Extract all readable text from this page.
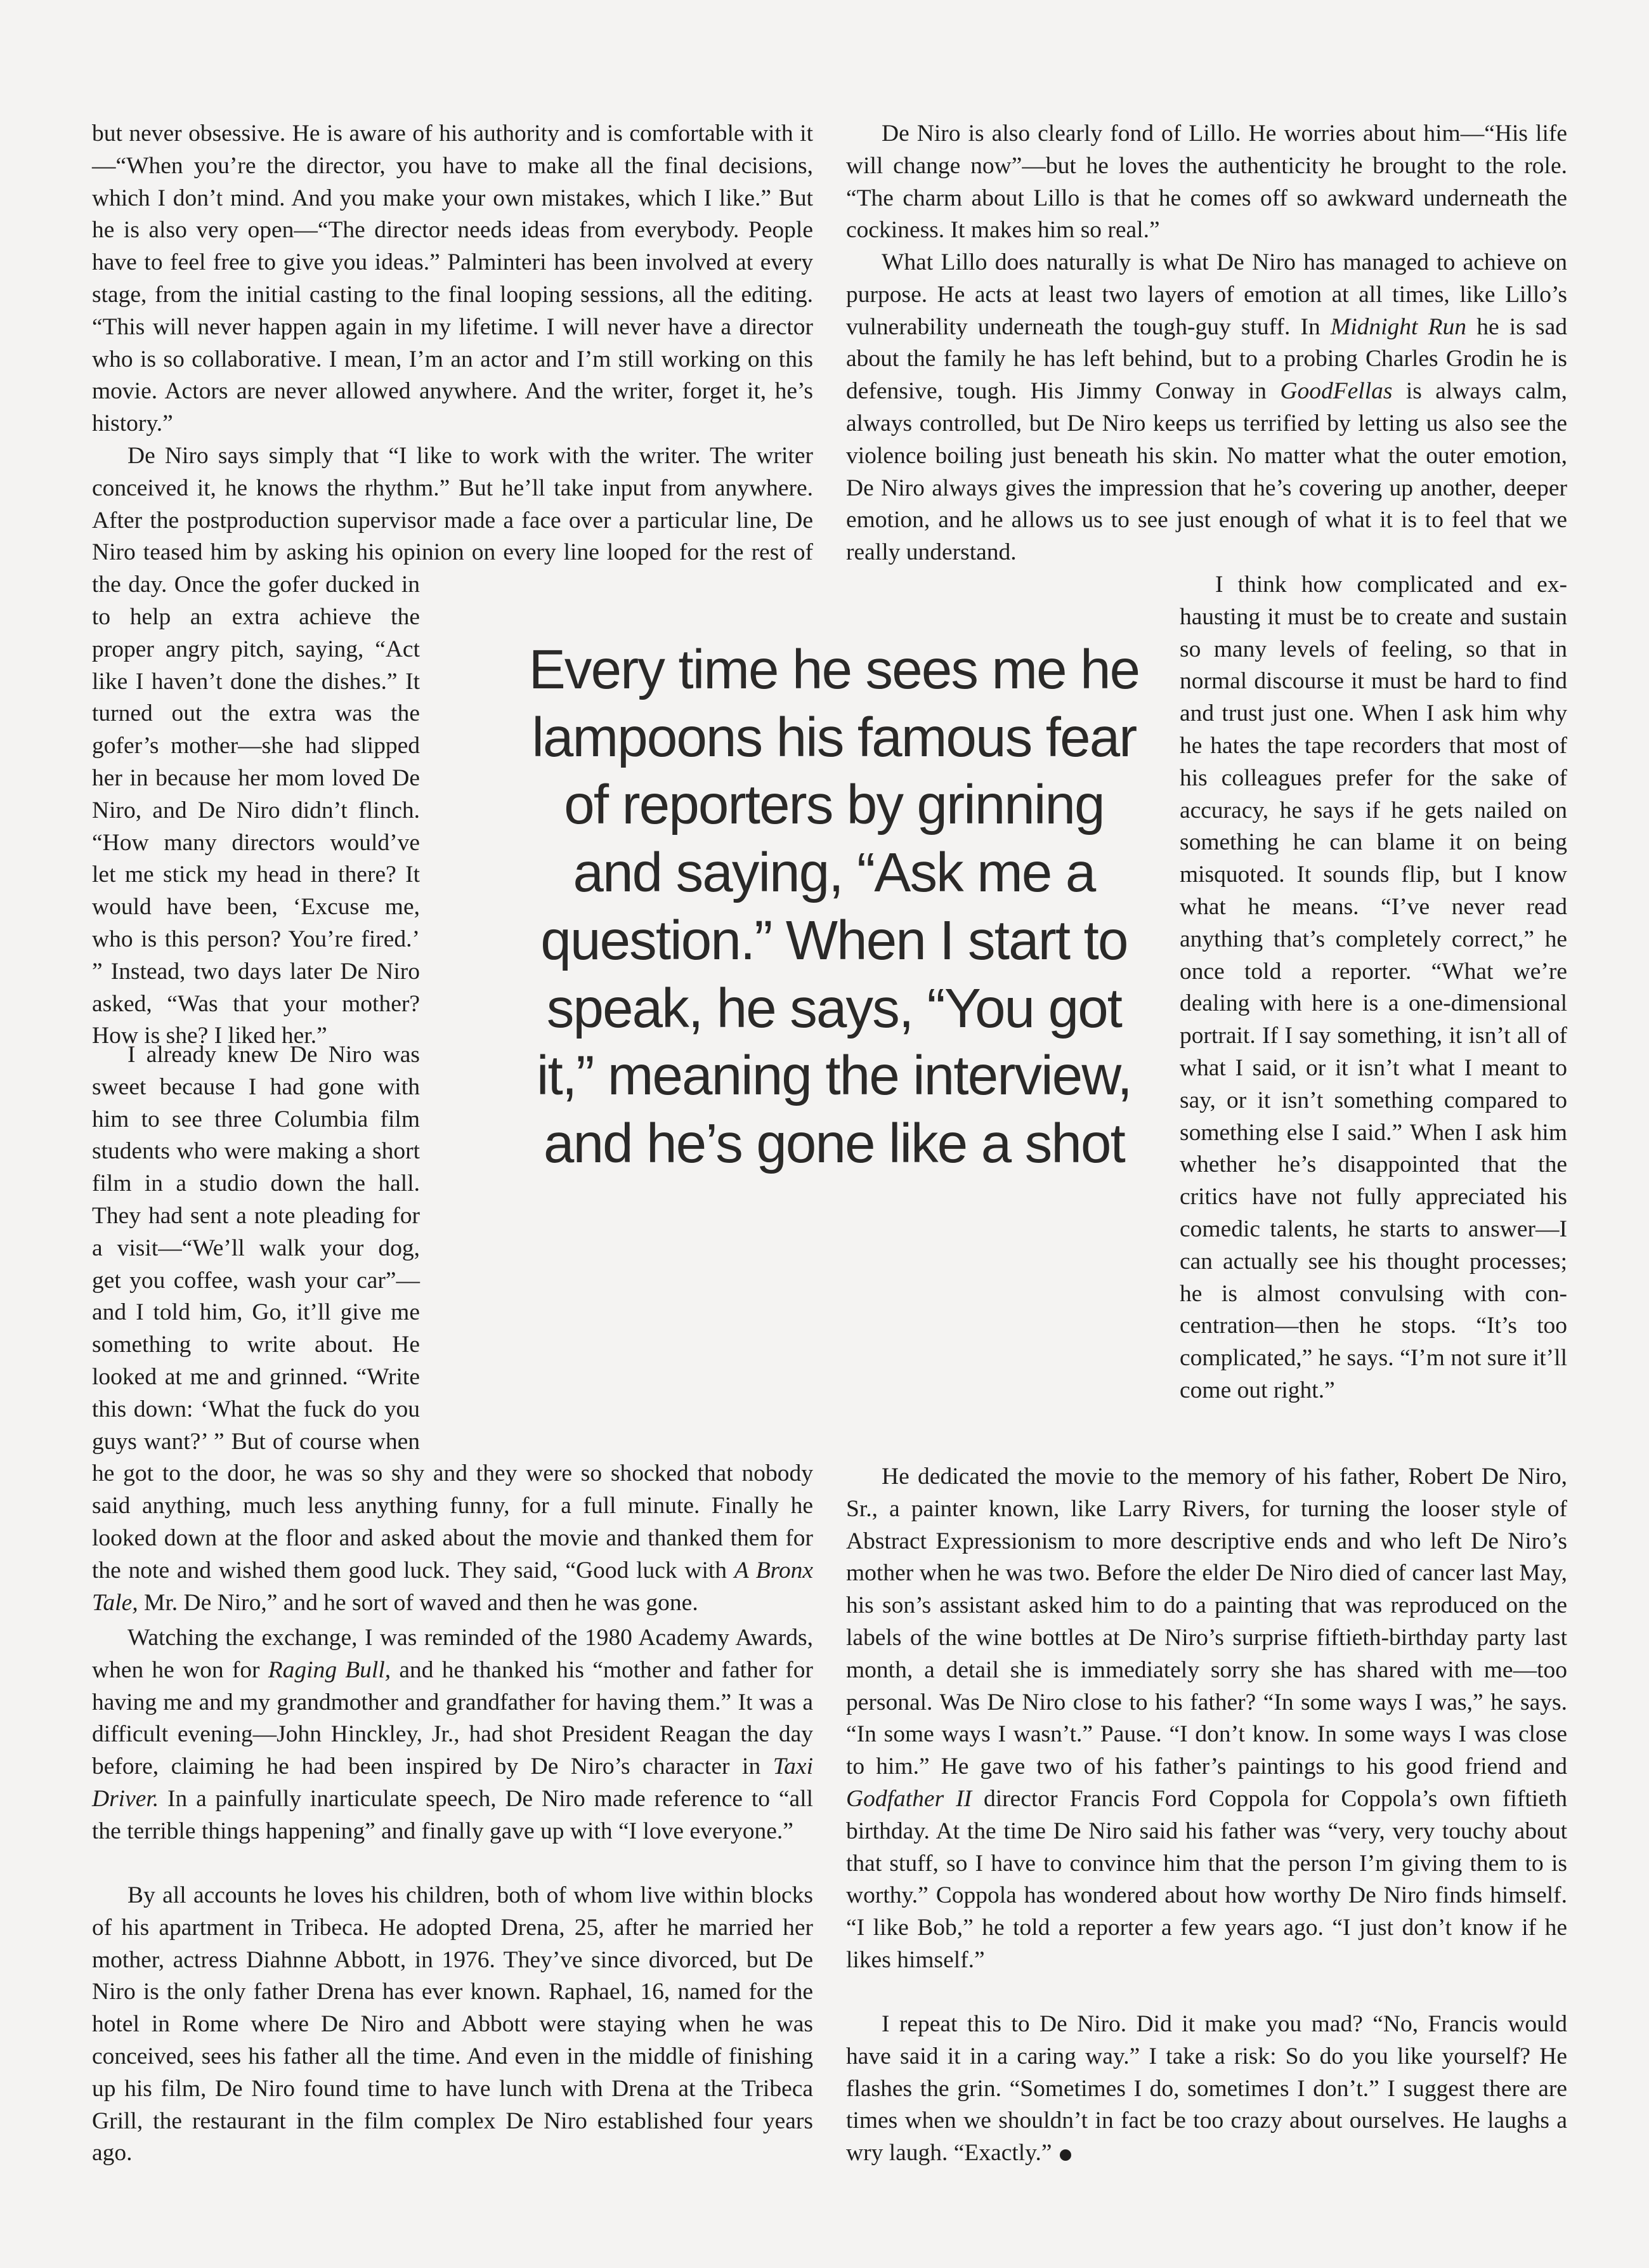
but never obsessive. He is aware of his authority and is comfortable with it—“When you’re the director, you have to make all the final decisions, which I don’t mind. And you make your own mistakes, which I like.” But he is also very open—“The director needs ideas from everybody. People have to feel free to give you ideas.” Palminteri has been involved at every stage, from the initial casting to the final looping sessions, all the editing. “This will never happen again in my lifetime. I will never have a director who is so collaborative. I mean, I’m an actor and I’m still working on this movie. Actors are never allowed anywhere. And the writer, forget it, he’s history.”

De Niro says simply that “I like to work with the writer. The writer conceived it, he knows the rhythm.” But he’ll take input from anywhere. After the postproduction supervisor made a face over a particular line, De Niro teased him by asking his opinion on every line looped for the rest of the day. Once the gofer ducked in to help an extra achieve the proper angry pitch, saying, “Act like I haven’t done the dishes.” It turned out the extra was the gofer’s mother—she had slipped her in because her mom loved De Niro, and De Niro didn’t flinch. “How many directors would’ve let me stick my head in there? It would have been, ‘Excuse me, who is this person? You’re fired.’ ” Instead, two days later De Niro asked, “Was that your mother? How is she? I liked her.”

I already knew De Niro was sweet because I had gone with him to see three Columbia film students who were making a short film in a studio down the hall. They had sent a note pleading for a visit—“We’ll walk your dog, get you coffee, wash your car”—and I told him, Go, it’ll give me something to write about. He looked at me and grinned. “Write this down: ‘What the fuck do you guys want?’ ” But of course when he got to the door, he was so shy and they were so shocked that nobody said anything, much less anything funny, for a full minute. Finally he looked down at the floor and asked about the movie and thanked them for the note and wished them good luck. They said, “Good luck with A Bronx Tale, Mr. De Niro,” and he sort of waved and then he was gone.

Watching the exchange, I was reminded of the 1980 Academy Awards, when he won for Raging Bull, and he thanked his “mother and father for having me and my grandmother and grandfather for having them.” It was a difficult evening—John Hinckley, Jr., had shot President Reagan the day before, claiming he had been inspired by De Niro’s character in Taxi Driver. In a painfully inarticulate speech, De Niro made reference to “all the terrible things happening” and finally gave up with “I love everyone.”

By all accounts he loves his children, both of whom live within blocks of his apartment in Tribeca. He adopted Drena, 25, after he married her mother, actress Diahnne Abbott, in 1976. They’ve since divorced, but De Niro is the only father Drena has ever known. Raphael, 16, named for the hotel in Rome where De Niro and Abbott were staying when he was conceived, sees his father all the time. And even in the middle of finishing up his film, De Niro found time to have lunch with Drena at the Tribeca Grill, the restaurant in the film complex De Niro established four years ago.

De Niro is also clearly fond of Lillo. He worries about him—“His life will change now”—but he loves the authenticity he brought to the role. “The charm about Lillo is that he comes off so awkward underneath the cockiness. It makes him so real.”

What Lillo does naturally is what De Niro has managed to achieve on purpose. He acts at least two layers of emotion at all times, like Lillo’s vulnerability underneath the tough-guy stuff. In Midnight Run he is sad about the family he has left behind, but to a probing Charles Grodin he is defensive, tough. His Jimmy Conway in GoodFellas is always calm, always controlled, but De Niro keeps us terrified by letting us also see the violence boiling just beneath his skin. No matter what the outer emotion, De Niro always gives the impression that he’s covering up another, deeper emotion, and he allows us to see just enough of what it is to feel that we really understand.

I think how complicated and exhausting it must be to create and sustain so many levels of feeling, so that in normal discourse it must be hard to find and trust just one. When I ask him why he hates the tape recorders that most of his colleagues prefer for the sake of accuracy, he says if he gets nailed on something he can blame it on being misquoted. It sounds flip, but I know what he means. “I’ve never read anything that’s completely correct,” he once told a reporter. “What we’re dealing with here is a one-dimensional portrait. If I say something, it isn’t all of what I said, or it isn’t what I meant to say, or it isn’t something compared to something else I said.” When I ask him whether he’s disappointed that the critics have not fully appreciated his comedic talents, he starts to answer—I can actually see his thought processes; he is almost convulsing with concentration—then he stops. “It’s too complicated,” he says. “I’m not sure it’ll come out right.”

He dedicated the movie to the memory of his father, Robert De Niro, Sr., a painter known, like Larry Rivers, for turning the looser style of Abstract Expressionism to more descriptive ends and who left De Niro’s mother when he was two. Before the elder De Niro died of cancer last May, his son’s assistant asked him to do a painting that was reproduced on the labels of the wine bottles at De Niro’s surprise fiftieth-birthday party last month, a detail she is immediately sorry she has shared with me—too personal. Was De Niro close to his father? “In some ways I was,” he says. “In some ways I wasn’t.” Pause. “I don’t know. In some ways I was close to him.” He gave two of his father’s paintings to his good friend and Godfather II director Francis Ford Coppola for Coppola’s own fiftieth birthday. At the time De Niro said his father was “very, very touchy about that stuff, so I have to convince him that the person I’m giving them to is worthy.” Coppola has wondered about how worthy De Niro finds himself. “I like Bob,” he told a reporter a few years ago. “I just don’t know if he likes himself.”

I repeat this to De Niro. Did it make you mad? “No, Francis would have said it in a caring way.” I take a risk: So do you like yourself? He flashes the grin. “Sometimes I do, sometimes I don’t.” I suggest there are times when we shouldn’t in fact be too crazy about ourselves. He laughs a wry laugh. “Exactly.”

Every time he sees me he lampoons his famous fear of reporters by grinning and saying, “Ask me a question.” When I start to speak, he says, “You got it,” meaning the interview, and he’s gone like a shot
